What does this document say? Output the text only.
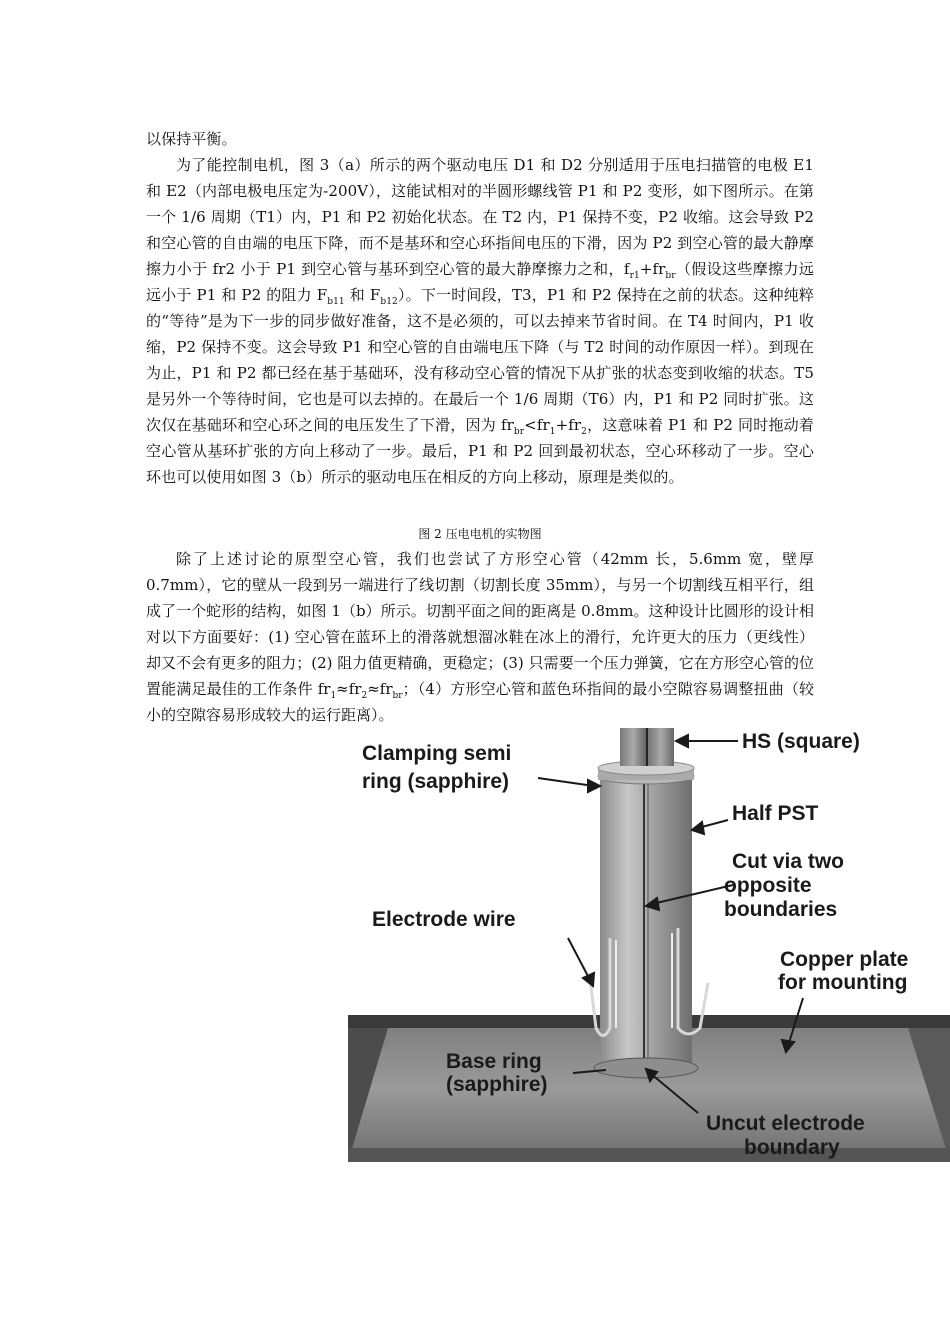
以保持平衡。

为了能控制电机，图 3（a）所示的两个驱动电压 D1 和 D2 分别适用于压电扫描管的电极 E1 和 E2（内部电极电压定为-200V），这能试相对的半圆形螺线管 P1 和 P2 变形，如下图所示。在第一个 1/6 周期（T1）内，P1 和 P2 初始化状态。在 T2 内，P1 保持不变，P2 收缩。这会导致 P2 和空心管的自由端的电压下降，而不是基环和空心环指间电压的下滑，因为 P2 到空心管的最大静摩擦力小于 fr2 小于 P1 到空心管与基环到空心管的最大静摩擦力之和，$f_{r1}+fr_{br}$（假设这些摩擦力远远小于 P1 和 P2 的阻力 $F_{b11}$ 和 $F_{b12}$）。下一时间段，T3，P1 和 P2 保持在之前的状态。这种纯粹的“等待”是为下一步的同步做好准备，这不是必须的，可以去掉来节省时间。在 T4 时间内，P1 收缩，P2 保持不变。这会导致 P1 和空心管的自由端电压下降（与 T2 时间的动作原因一样）。到现在为止，P1 和 P2 都已经在基于基础环，没有移动空心管的情况下从扩张的状态变到收缩的状态。T5 是另外一个等待时间，它也是可以去掉的。在最后一个 1/6 周期（T6）内，P1 和 P2 同时扩张。这次仅在基础环和空心环之间的电压发生了下滑，因为 $fr_{br}<fr_1+fr_2$，这意味着 P1 和 P2 同时拖动着空心管从基环扩张的方向上移动了一步。最后，P1 和 P2 回到最初状态，空心环移动了一步。空心环也可以使用如图 3（b）所示的驱动电压在相反的方向上移动，原理是类似的。

图 2 压电电机的实物图

除了上述讨论的原型空心管，我们也尝试了方形空心管（42mm 长，5.6mm 宽，壁厚 0.7mm），它的壁从一段到另一端进行了线切割（切割长度 35mm），与另一个切割线互相平行，组成了一个蛇形的结构，如图 1（b）所示。切割平面之间的距离是 0.8mm。这种设计比圆形的设计相对以下方面要好：(1) 空心管在蓝环上的滑落就想溜冰鞋在冰上的滑行，允许更大的压力（更线性）却又不会有更多的阻力；(2) 阻力值更精确，更稳定；(3) 只需要一个压力弹簧，它在方形空心管的位置能满足最佳的工作条件 $fr_1\approx fr_2\approx fr_{br}$；（4）方形空心管和蓝色环指间的最小空隙容易调整扭曲（较小的空隙容易形成较大的运行距离）。

Clamping semi
ring (sapphire)
HS (square)
Half PST
Cut via two
opposite
boundaries
Electrode wire
Copper plate
for mounting
Base ring
(sapphire)
Uncut electrode
boundary
